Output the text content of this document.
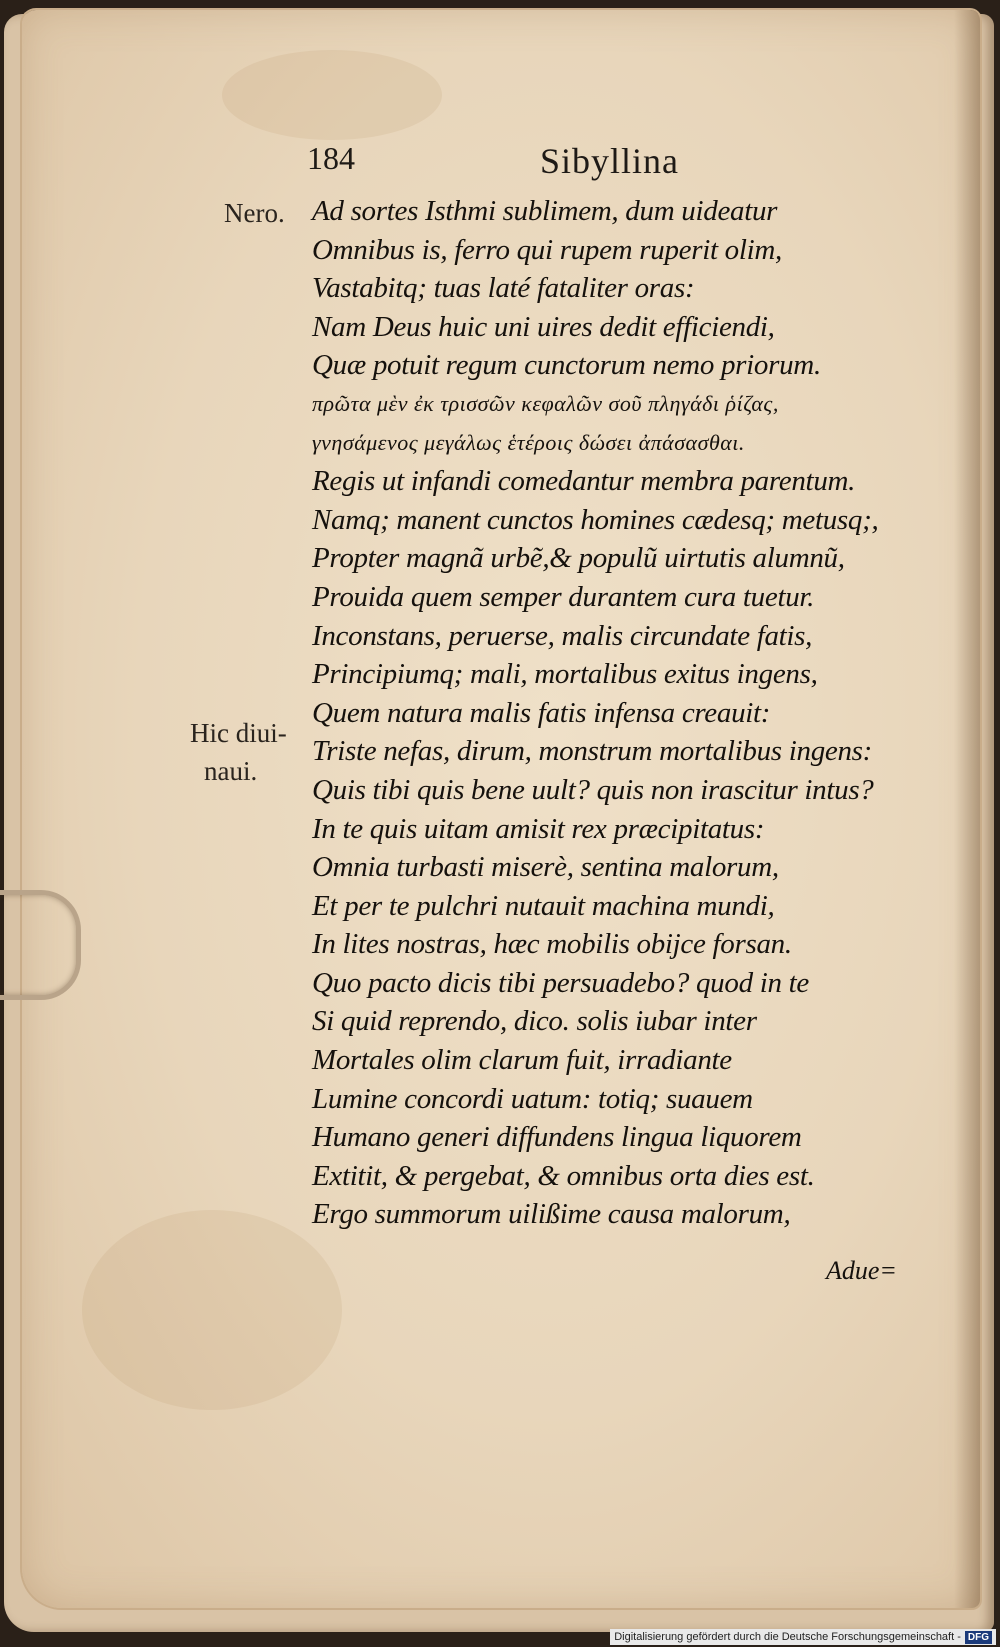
184	Sibyllina
Nero.
Hic diui-
naui.
Ad sortes Isthmi sublimem, dum uideatur
Omnibus is, ferro qui rupem ruperit olim,
Vastabitq; tuas laté fataliter oras:
Nam Deus huic uni uires dedit efficiendi,
Quæ potuit regum cunctorum nemo priorum.
πρῶτα μὲν ἐκ τρισσῶν κεφαλῶν σοῦ πληγάδι ῥίζας,
γνησάμενος μεγάλως ἑτέροις δώσει ἀπάσασθαι.
Regis ut infandi comedantur membra parentum.
Namq; manent cunctos homines cædesq; metusq;,
Propter magnã urbẽ,& populũ uirtutis alumnũ,
Prouida quem semper durantem cura tuetur.
Inconstans, peruerse, malis circundate fatis,
Principiumq; mali, mortalibus exitus ingens,
Quem natura malis fatis infensa creauit:
Triste nefas, dirum, monstrum mortalibus ingens:
Quis tibi quis bene uult? quis non irascitur intus?
In te quis uitam amisit rex præcipitatus:
Omnia turbasti miserè, sentina malorum,
Et per te pulchri nutauit machina mundi,
In lites nostras, hæc mobilis obijce forsan.
Quo pacto dicis tibi persuadebo? quod in te
Si quid reprendo, dico. solis iubar inter
Mortales olim clarum fuit, irradiante
Lumine concordi uatum: totiq; suauem
Humano generi diffundens lingua liquorem
Extitit, & pergebat, & omnibus orta dies est.
Ergo summorum uilißime causa malorum,
Adue=
Digitalisierung gefördert durch die Deutsche Forschungsgemeinschaft - DFG
